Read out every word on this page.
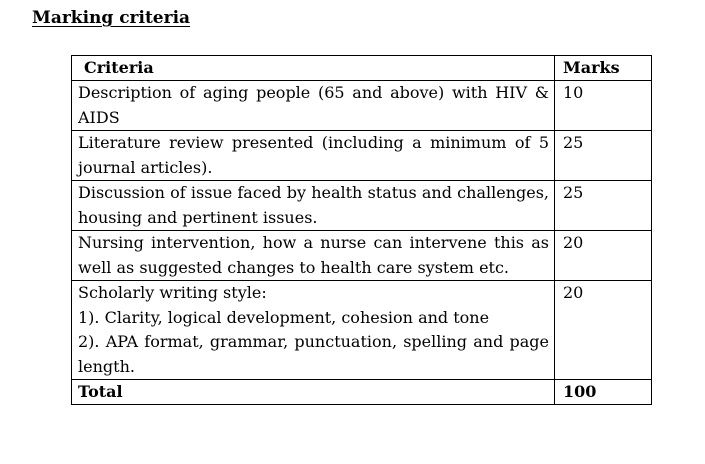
Marking criteria
Criteria	Marks
Description of aging people (65 and above) with HIV & AIDS	10
Literature review presented (including a minimum of 5 journal articles).	25
Discussion of issue faced by health status and challenges, housing and pertinent issues.	25
Nursing intervention, how a nurse can intervene this as well as suggested changes to health care system etc.	20

Scholarly writing style:
1). Clarity, logical development, cohesion and tone
2). APA format, grammar, punctuation, spelling and page length.	20
Total	100
